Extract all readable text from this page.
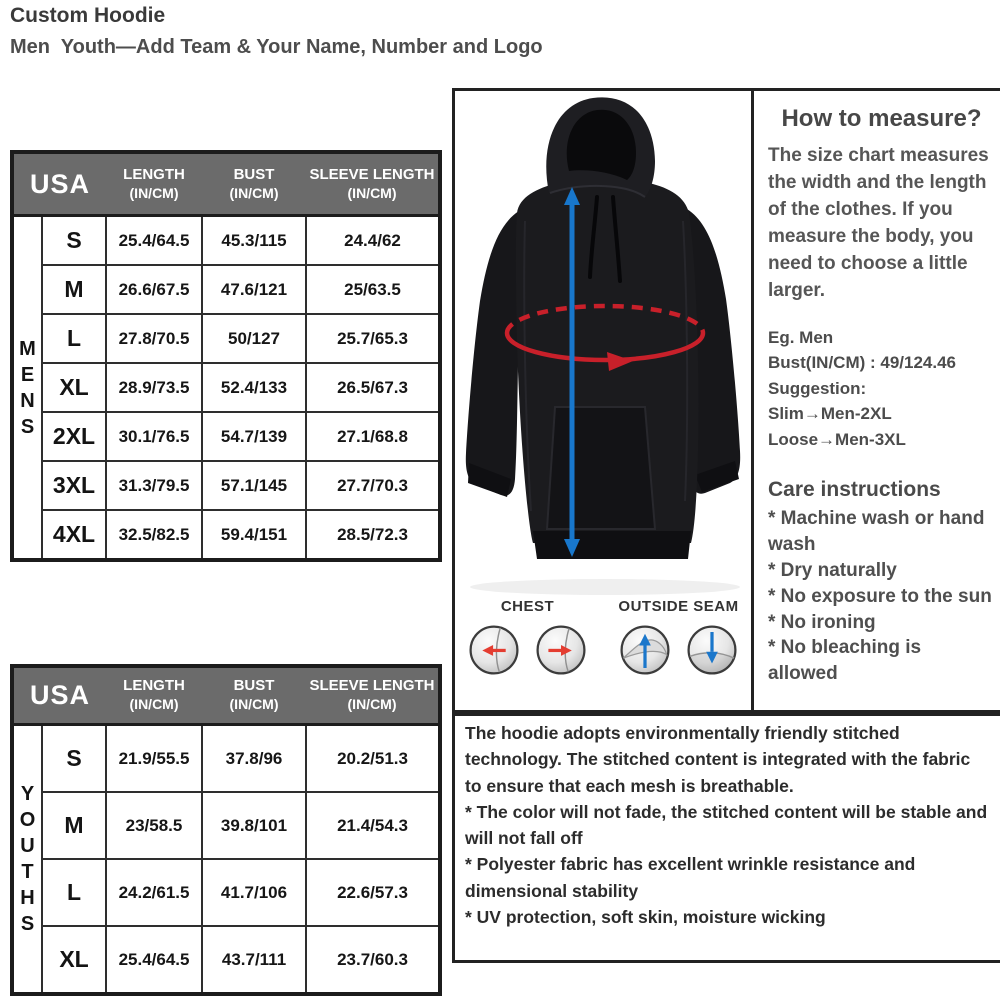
Custom Hoodie
Men  Youth—Add Team & Your Name, Number and Logo
USA	LENGTH
(IN/CM)

BUST
(IN/CM)

SLEEVE LENGTH
(IN/CM)

M
E
N
S	S	25.4/64.5	45.3/115	24.4/62
	M	26.6/67.5	47.6/121	25/63.5
	L	27.8/70.5	50/127	25.7/65.3
	XL	28.9/73.5	52.4/133	26.5/67.3
	2XL	30.1/76.5	54.7/139	27.1/68.8
	3XL	31.3/79.5	57.1/145	27.7/70.3
	4XL	32.5/82.5	59.4/151	28.5/72.3
USA	LENGTH
(IN/CM)

BUST
(IN/CM)

SLEEVE LENGTH
(IN/CM)

Y
O
U
T
H
S
	S	21.9/55.5	37.8/96	20.2/51.3
	M	23/58.5	39.8/101	21.4/54.3
	L	24.2/61.5	41.7/106	22.6/57.3
	XL	25.4/64.5	43.7/111	23.7/60.3
CHEST	OUTSIDE SEAM
How to measure?

The size chart measures the width and the length of the clothes. If you measure the body, you need to choose a little larger.

Eg. Men
Bust(IN/CM) : 49/124.46
Suggestion:
Slim→Men-2XL
Loose→Men-3XL
Care instructions
* Machine wash or hand wash
* Dry naturally
* No exposure to the sun
* No ironing
* No bleaching is allowed
The hoodie adopts environmentally friendly stitched technology. The stitched content is integrated with the fabric to ensure that each mesh is breathable.
* The color will not fade, the stitched content will be stable and will not fall off
* Polyester fabric has excellent wrinkle resistance and dimensional stability
* UV protection, soft skin, moisture wicking
